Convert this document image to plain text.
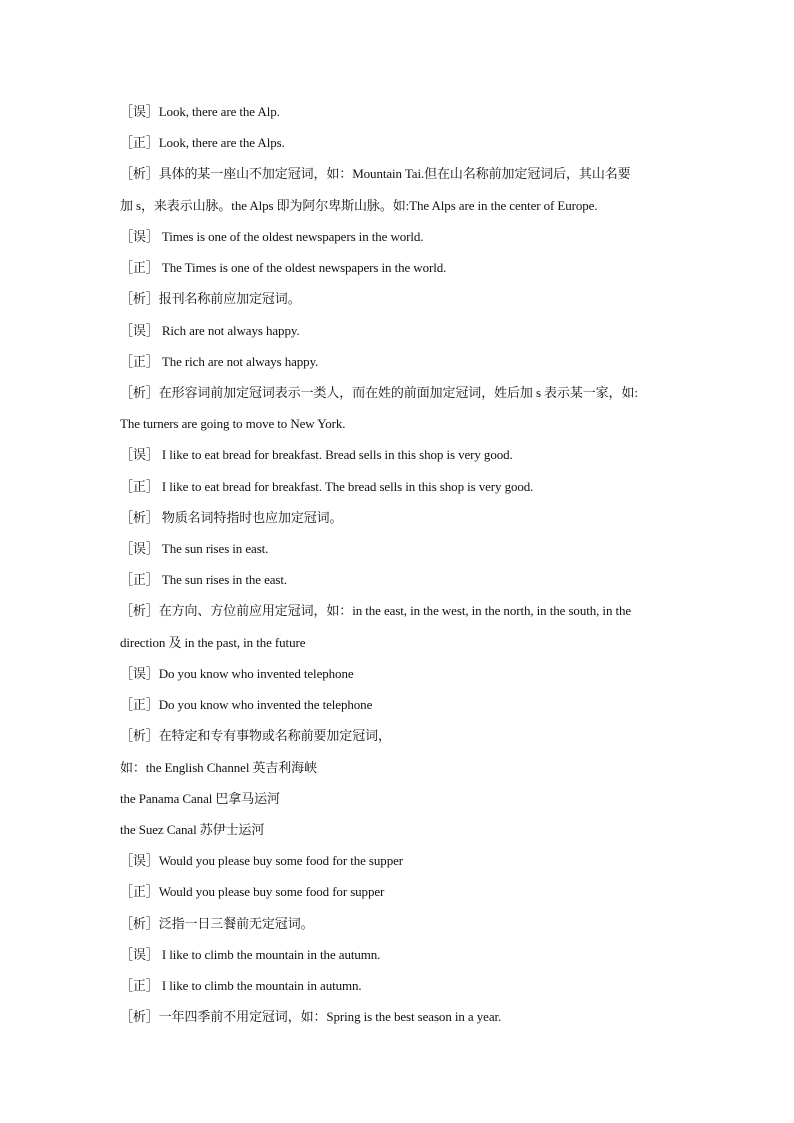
［误］Look, there are the Alp.
［正］Look, there are the Alps.
［析］具体的某一座山不加定冠词，如：Mountain Tai.但在山名称前加定冠词后，其山名要
加 s，来表示山脉。the Alps 即为阿尔卑斯山脉。如:The Alps are in the center of Europe.
［误］ Times is one of the oldest newspapers in the world.
［正］ The Times is one of the oldest newspapers in the world.
［析］报刊名称前应加定冠词。
［误］ Rich are not always happy.
［正］ The rich are not always happy.
［析］在形容词前加定冠词表示一类人，而在姓的前面加定冠词，姓后加 s 表示某一家，如:
The turners are going to move to New York.
［误］ I like to eat bread for breakfast. Bread sells in this shop is very good.
［正］ I like to eat bread for breakfast. The bread sells in this shop is very good.
［析］ 物质名词特指时也应加定冠词。
［误］ The sun rises in east.
［正］ The sun rises in the east.
［析］在方向、方位前应用定冠词，如：in the east, in the west, in the north, in the south, in the
direction 及 in the past, in the future
［误］Do you know who invented telephone
［正］Do you know who invented the telephone
［析］在特定和专有事物或名称前要加定冠词，
如：the English Channel 英吉利海峡
the Panama Canal 巴拿马运河
the Suez Canal 苏伊士运河
［误］Would you please buy some food for the supper
［正］Would you please buy some food for supper
［析］泛指一日三餐前无定冠词。
［误］ I like to climb the mountain in the autumn.
［正］ I like to climb the mountain in autumn.
［析］一年四季前不用定冠词，如：Spring is the best season in a year.
